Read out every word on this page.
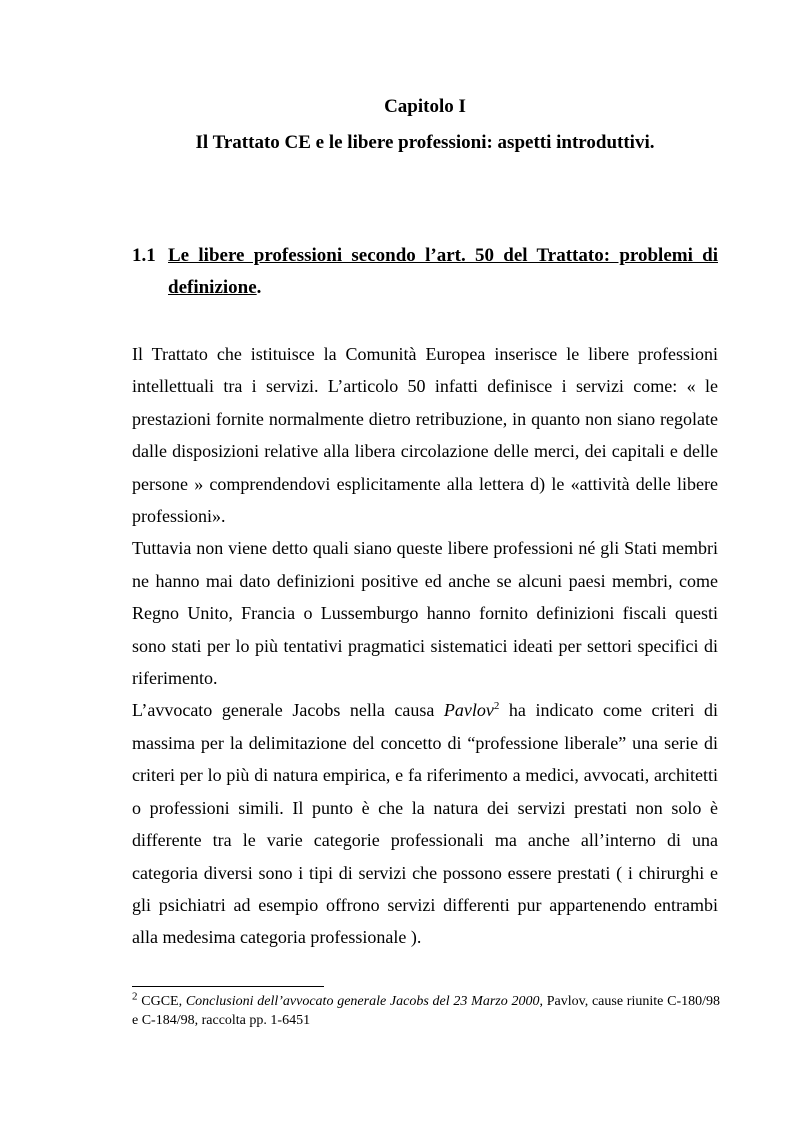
Capitolo I
Il Trattato CE e le libere professioni: aspetti introduttivi.
1.1 Le libere professioni secondo l’art. 50 del Trattato: problemi di definizione.

Il Trattato che istituisce la Comunità Europea inserisce le libere professioni intellettuali tra i servizi. L’articolo 50 infatti definisce i servizi come: « le prestazioni fornite normalmente dietro retribuzione, in quanto non siano regolate dalle disposizioni relative alla libera circolazione delle merci, dei capitali e delle persone » comprendendovi esplicitamente alla lettera d) le «attività delle libere professioni».

Tuttavia non viene detto quali siano queste libere professioni né gli Stati membri ne hanno mai dato definizioni positive ed anche se alcuni paesi membri, come Regno Unito, Francia o Lussemburgo hanno fornito definizioni fiscali questi sono stati per lo più tentativi pragmatici sistematici ideati per settori specifici di riferimento.

L’avvocato generale Jacobs nella causa Pavlov$^2$ ha indicato come criteri di massima per la delimitazione del concetto di “professione liberale” una serie di criteri per lo più di natura empirica, e fa riferimento a medici, avvocati, architetti o professioni simili. Il punto è che la natura dei servizi prestati non solo è differente tra le varie categorie professionali ma anche all’interno di una categoria diversi sono i tipi di servizi che possono essere prestati ( i chirurghi e gli psichiatri ad esempio offrono servizi differenti pur appartenendo entrambi alla medesima categoria professionale ).

$^2$ CGCE, Conclusioni dell’avvocato generale Jacobs del 23 Marzo 2000, Pavlov, cause riunite C-180/98 e C-184/98, raccolta pp. 1-6451
